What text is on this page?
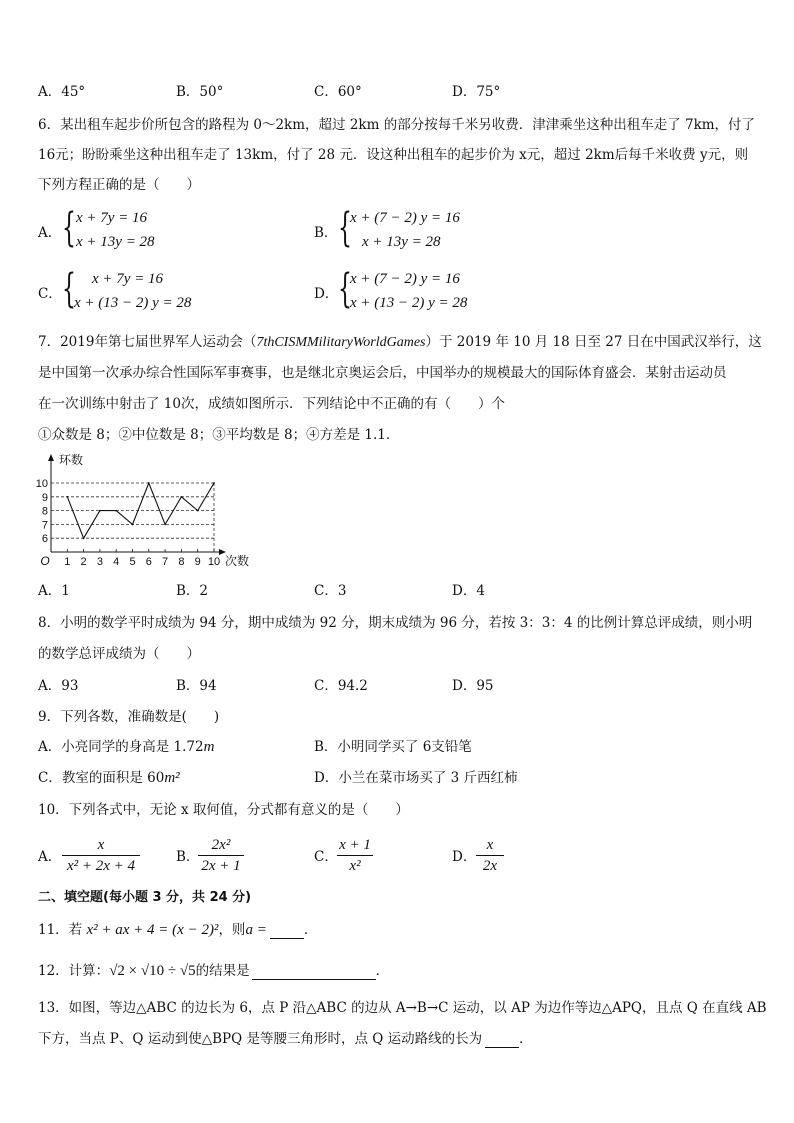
A．45°	B．50°	C．60°	D．75°
6．某出租车起步价所包含的路程为 0～2km，超过 2km 的部分按每千米另收费．津津乘坐这种出租车走了 7km，付了
16元；盼盼乘坐这种出租车走了 13km，付了 28 元．设这种出租车的起步价为 x元，超过 2km后每千米收费 y元，则
下列方程正确的是（　　）
A． { x + 7y = 16
x + 13y = 28
B． {
x + (7 − 2) y = 16
x + 13y = 28
C． { x + 7y = 16
x + (13 − 2) y = 28
D． {
x + (7 − 2) y = 16
x + (13 − 2) y = 28
7．2019年第七届世界军人运动会（7thCISMMilitaryWorldGames）于 2019 年 10 月 18 日至 27 日在中国武汉举行，这
是中国第一次承办综合性国际军事赛事，也是继北京奥运会后，中国举办的规模最大的国际体育盛会．某射击运动员
在一次训练中射击了 10次，成绩如图所示．下列结论中不正确的有（　　）个
①众数是 8；②中位数是 8；③平均数是 8；④方差是 1.1．
1 2 3 4 5 6 7 8 9 10
6
7
8
9
10
O
环数
次数
A．1	B．2	C．3	D．4
8．小明的数学平时成绩为 94 分，期中成绩为 92 分，期末成绩为 96 分，若按 3：3：4 的比例计算总评成绩，则小明
的数学总评成绩为（　　）
A．93	B．94	C．94.2	D．95
9．下列各数，准确数是(　　)
A．小亮同学的身高是 1.72m	B．小明同学买了 6支铅笔
C．教室的面积是 60m²	D．小兰在菜市场买了 3 斤西红柿
10．下列各式中，无论 x 取何值，分式都有意义的是（　　）
A． $\frac{x}{\text{x² + 2x + 4}}$	B．
$\frac{\text{2x²}}{2x + 1}$	C． $\frac{x + 1}{\text{x²}}$	D． $\frac{x}{2x}$
二、填空题(每小题 3 分，共 24 分)
11．若 x² + ax + 4 = (x − 2)²，则a =	．
12．计算：√2 × √10 ÷ √5的结果是	．
13．如图，等边△ABC 的边长为 6，点 P 沿△ABC 的边从 A→B→C 运动，以 AP 为边作等边△APQ，且点 Q 在直线 AB
下方，当点 P、Q 运动到使△BPQ 是等腰三角形时，点 Q 运动路线的长为	．
